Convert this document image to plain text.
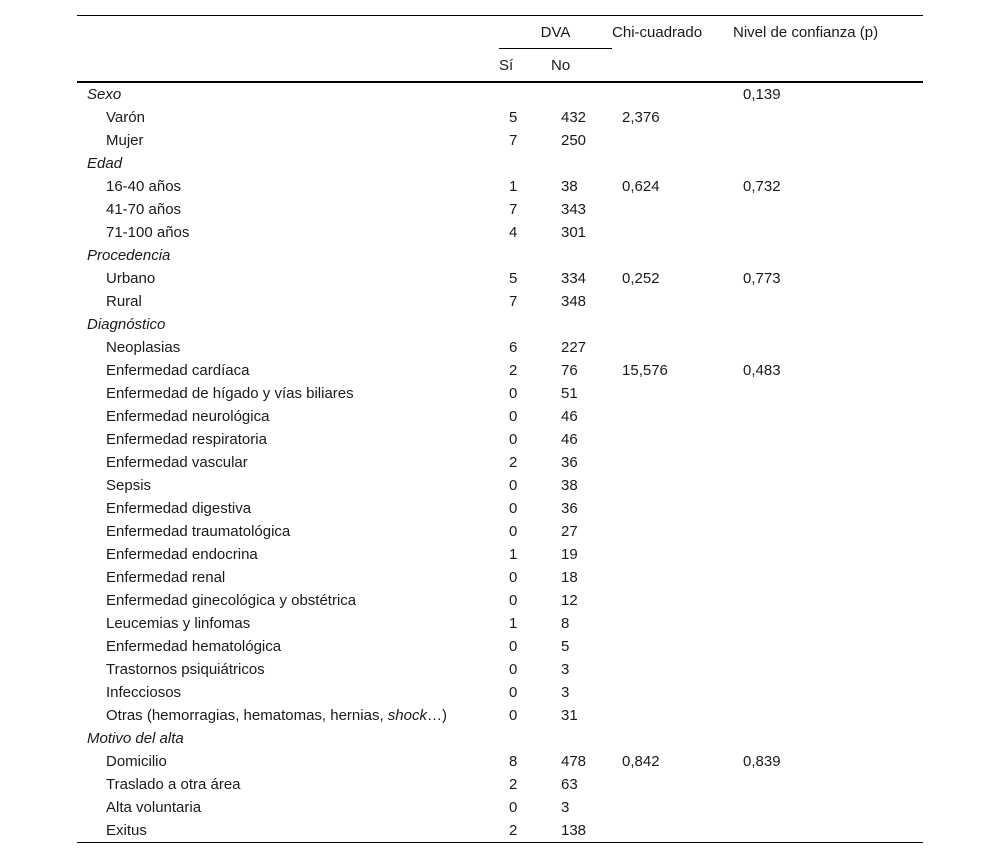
	DVA		Chi-cuadrado	Nivel de confianza (p)
	Sí	No		
Sexo				0,139
Varón	5	432	2,376	
Mujer	7	250		
Edad				
16-40 años	1	38	0,624	0,732
41-70 años	7	343		
71-100 años	4	301		
Procedencia				
Urbano	5	334	0,252	0,773
Rural	7	348		
Diagnóstico				
Neoplasias	6	227		
Enfermedad cardíaca	2	76	15,576	0,483
Enfermedad de hígado y vías biliares	0	51		
Enfermedad neurológica	0	46		
Enfermedad respiratoria	0	46		
Enfermedad vascular	2	36		
Sepsis	0	38		
Enfermedad digestiva	0	36		
Enfermedad traumatológica	0	27		
Enfermedad endocrina	1	19		
Enfermedad renal	0	18		
Enfermedad ginecológica y obstétrica	0	12		
Leucemias y linfomas	1	8		
Enfermedad hematológica	0	5		
Trastornos psiquiátricos	0	3		
Infecciosos	0	3		
Otras (hemorragias, hematomas, hernias, shock…)	0	31		
Motivo del alta				
Domicilio	8	478	0,842	0,839
Traslado a otra área	2	63		
Alta voluntaria	0	3		
Exitus	2	138		
